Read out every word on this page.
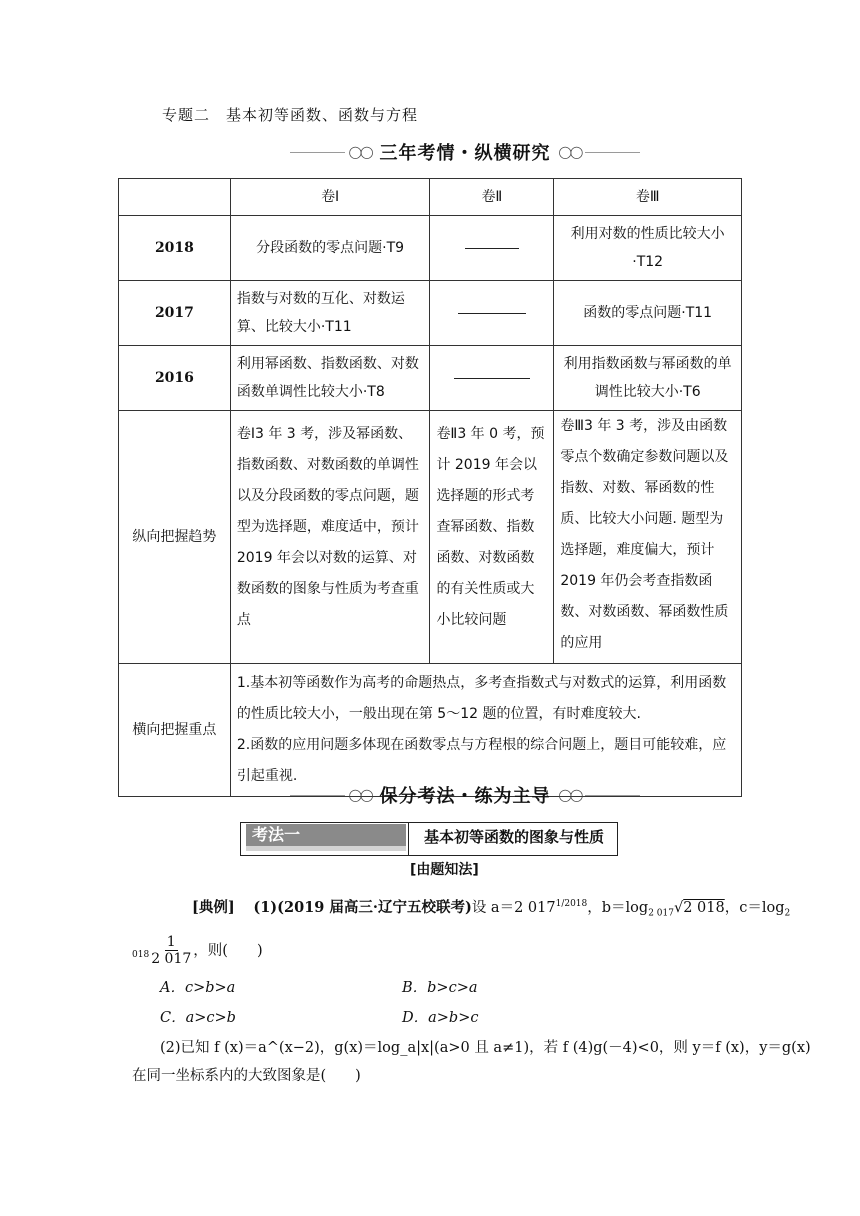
专题二　基本初等函数、函数与方程
◯◯ 三年考情・纵横研究 ◯◯
	卷Ⅰ	卷Ⅱ	卷Ⅲ
2018	分段函数的零点问题·T9		利用对数的性质比较大小·T12
2017	指数与对数的互化、对数运算、比较大小·T11		函数的零点问题·T11
2016	利用幂函数、指数函数、对数函数单调性比较大小·T8		利用指数函数与幂函数的单调性比较大小·T6
纵向把握趋势	卷Ⅰ3 年 3 考，涉及幂函数、指数函数、对数函数的单调性以及分段函数的零点问题，题型为选择题，难度适中，预计 2019 年会以对数的运算、对数函数的图象与性质为考查重点	卷Ⅱ3 年 0 考，预计 2019 年会以选择题的形式考查幂函数、指数函数、对数函数的有关性质或大小比较问题	卷Ⅲ3 年 3 考，涉及由函数零点个数确定参数问题以及指数、对数、幂函数的性质、比较大小问题. 题型为选择题，难度偏大，预计 2019 年仍会考查指数函数、对数函数、幂函数性质的应用
横向把握重点	1.基本初等函数作为高考的命题热点，多考查指数式与对数式的运算，利用函数的性质比较大小，一般出现在第 5～12 题的位置，有时难度较大.
2.函数的应用问题多体现在函数零点与方程根的综合问题上，题目可能较难，应引起重视.		
◯◯ 保分考法・练为主导 ◯◯
考法一	基本初等函数的图象与性质
[由题知法]
[典例] (1)(2019 届高三·辽宁五校联考)设 a＝2 $017^{1/2018}$，$b=\log_{2 017}√2$ 018，$c=\log_2$
$018 \frac{1}{2 017}$ ，则(　　)
A．c>b>a	B．b>c>a
C．a>c>b	D．a>b>c
(2)已知 f (x)＝a^(x−2)，g(x)＝log_a|x|(a>0 且 a≠1)，若 f (4)g(－4)<0，则 y＝f (x)，y＝g(x)
在同一坐标系内的大致图象是(　　)
